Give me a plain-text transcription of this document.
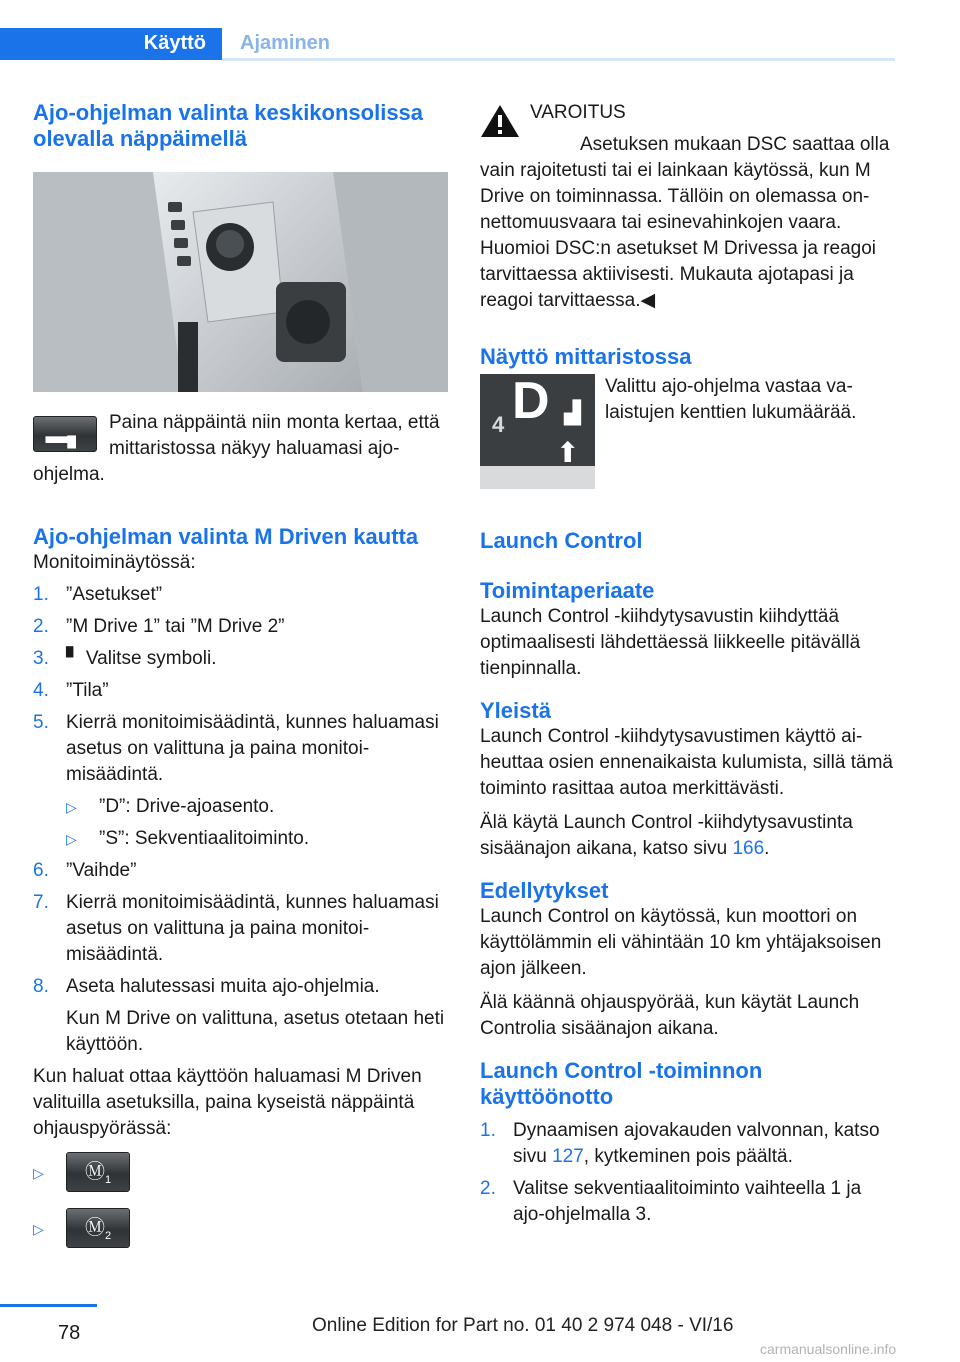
Käyttö Ajaminen
Ajo-ohjelman valinta keskikonsolissa olevalla näppäimellä
▬▖

Paina näppäintä niin monta kertaa, että mittaristossa näkyy haluamasi ajo-ohjelma.

Ajo-ohjelman valinta M Driven kautta

Monitoiminäytössä:

1. ”Asetukset”
2. ”M Drive 1” tai ”M Drive 2”
3. ▘ Valitse symboli.
4. ”Tila”
5. Kierrä monitoimisäädintä, kunnes haluamasi asetus on valittuna ja paina monitoimisäädintä.
▷ ”D”: Drive-ajoasento.
▷ ”S”: Sekventiaalitoiminto.
6. ”Vaihde”
7. Kierrä monitoimisäädintä, kunnes haluamasi asetus on valittuna ja paina monitoimisäädintä.
8. Aseta halutessasi muita ajo-ohjelmia.

Kun M Drive on valittuna, asetus otetaan heti käyttöön.

Kun haluat ottaa käyttöön haluamasi M Driven valituilla asetuksilla, paina kyseistä näppäintä ohjauspyörässä:

▷	$Ⓜ_1$
▷	$Ⓜ_2$

VAROITUS

Asetuksen mukaan DSC saattaa olla vain rajoitetusti tai ei lainkaan käytössä, kun M Drive on toiminnassa. Tällöin on olemassa onnettomuusvaara tai esinevahinkojen vaara. Huomioi DSC:n asetukset M Drivessa ja reagoi tarvittaessa aktiivisesti. Mukauta ajotapasi ja reagoi tarvittaessa.◀

Näyttö mittaristossa
4 D ▟
⬆

Valittu ajo-ohjelma vastaa valaistujen kenttien lukumäärää.

Launch Control
Toimintaperiaate

Launch Control -kiihdytysavustin kiihdyttää optimaalisesti lähdettäessä liikkeelle pitävällä tienpinnalla.

Yleistä

Launch Control -kiihdytysavustimen käyttö aiheuttaa osien ennenaikaista kulumista, sillä tämä toiminto rasittaa autoa merkittävästi.

Älä käytä Launch Control -kiihdytysavustinta sisäänajon aikana, katso sivu 166.

Edellytykset

Launch Control on käytössä, kun moottori on käyttölämmin eli vähintään 10 km yhtäjaksoisen ajon jälkeen.

Älä käännä ohjauspyörää, kun käytät Launch Controlia sisäänajon aikana.

Launch Control -toiminnon käyttöönotto
1. Dynaamisen ajovakauden valvonnan, katso sivu 127, kytkeminen pois päältä.
2. Valitse sekventiaalitoiminto vaihteella 1 ja ajo-ohjelmalla 3.
78	Online Edition for Part no. 01 40 2 974 048 - VI/16
carmanualsonline.info
